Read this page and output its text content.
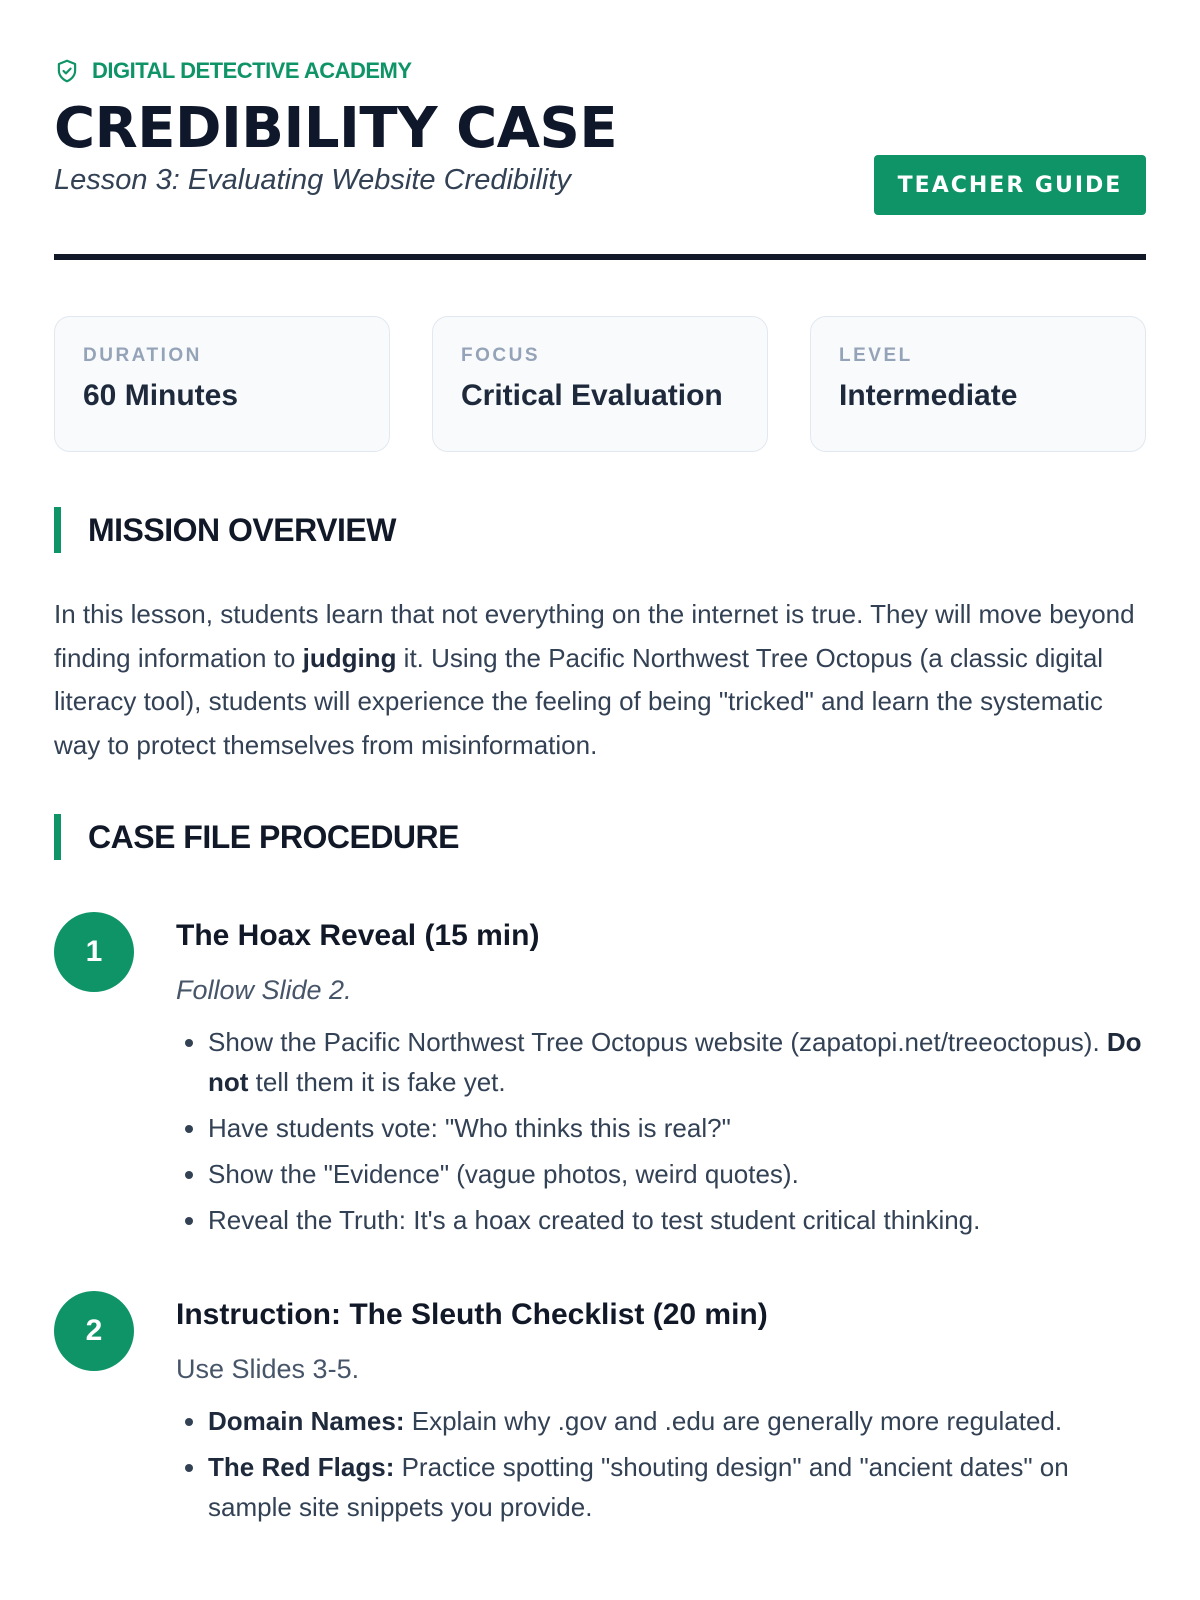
DIGITAL DETECTIVE ACADEMY
CREDIBILITY CASE

Lesson 3: Evaluating Website Credibility	TEACHER GUIDE
DURATION
60 Minutes
FOCUS
Critical Evaluation
LEVEL
Intermediate
MISSION OVERVIEW

In this lesson, students learn that not everything on the internet is true. They will move beyond finding information to judging it. Using the Pacific Northwest Tree Octopus (a classic digital literacy tool), students will experience the feeling of being "tricked" and learn the systematic way to protect themselves from misinformation.

CASE FILE PROCEDURE
1	The Hoax Reveal (15 min)

Follow Slide 2.

• Show the Pacific Northwest Tree Octopus website (zapatopi.net/treeoctopus). Do not tell them it is fake yet.
• Have students vote: "Who thinks this is real?"
• Show the "Evidence" (vague photos, weird quotes).
• Reveal the Truth: It's a hoax created to test student critical thinking.
2	Instruction: The Sleuth Checklist (20 min)

Use Slides 3-5.

• Domain Names: Explain why .gov and .edu are generally more regulated.
• The Red Flags: Practice spotting "shouting design" and "ancient dates" on sample site snippets you provide.
